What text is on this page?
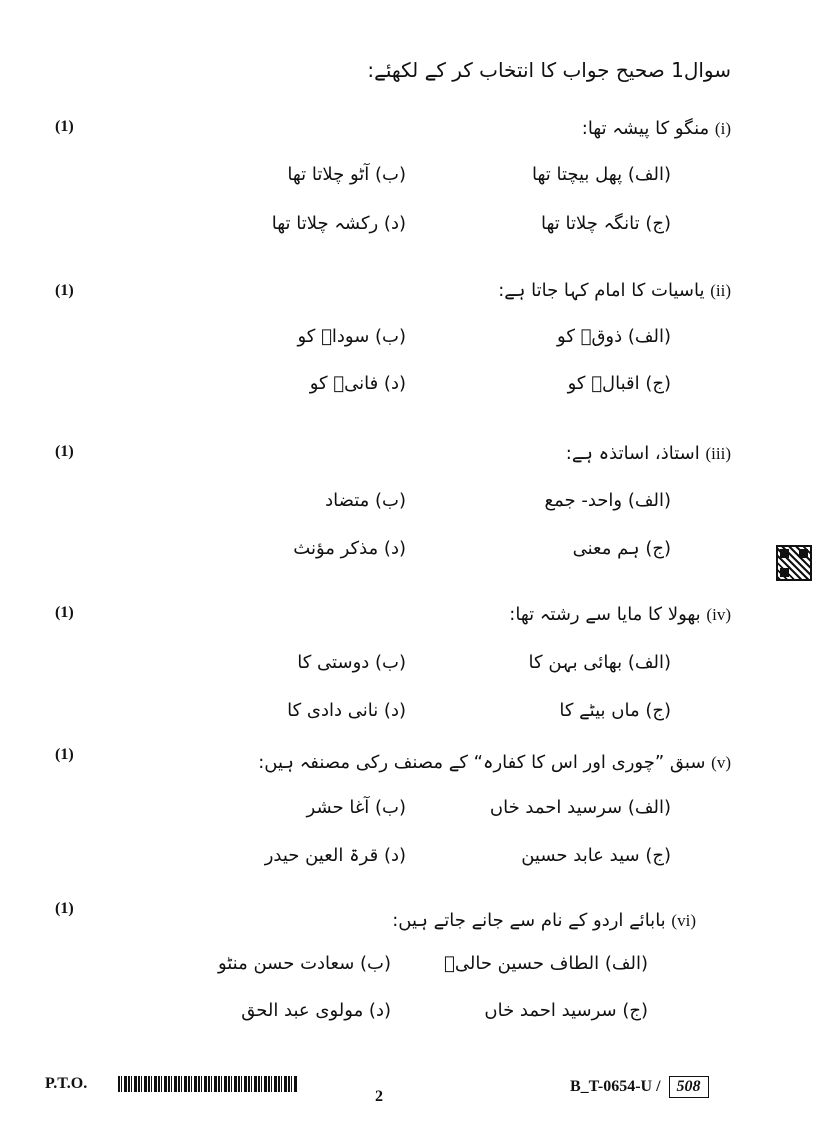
سوال1 صحیح جواب کا انتخاب کر کے لکھئے:
(1)	(i) منگو کا پیشہ تھا:
(الف) پھل بیچتا تھا
(ب) آٹو چلاتا تھا
(ج) تانگہ چلاتا تھا
(د) رکشہ چلاتا تھا
(1)	(ii) یاسیات کا امام کہا جاتا ہے:
(الف) ذوقؔ کو
(ب) سوداؔ کو
(ج) اقبالؔ کو
(د) فانیؔ کو
(1)	(iii) استاذ، اساتذہ ہے:
(الف) واحد- جمع
(ب) متضاد
(ج) ہم معنی
(د) مذکر مؤنث
(1)	(iv) بھولا کا مایا سے رشتہ تھا:
(الف) بھائی بہن کا
(ب) دوستی کا
(ج) ماں بیٹے کا
(د) نانی دادی کا
(1)	(v) سبق ”چوری اور اس کا کفارہ“ کے مصنف رکی مصنفہ ہیں:
(الف) سرسید احمد خاں
(ب) آغا حشر
(ج) سید عابد حسین
(د) قرۃ العین حیدر
(1)
(vi) بابائے اردو کے نام سے جانے جاتے ہیں:
(الف) الطاف حسین حالیؔ
(ب) سعادت حسن منٹو
(ج) سرسید احمد خاں
(د) مولوی عبد الحق
P.T.O.
2
B_T-0654-U / 508
